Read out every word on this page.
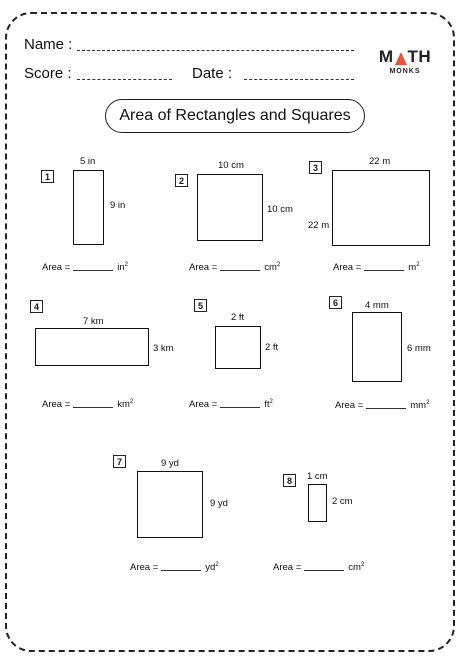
Name :
Score :	Date :
M TH
MONKS
Area of Rectangles and Squares
1
5 in
9 in
Area =	$in^2$
2
10 cm
10 cm
Area =	$cm^2$
3
22 m
22 m
Area =	$m^2$
4
7 km
3 km
Area =	$km^2$
5
2 ft
2 ft
Area =	$ft^2$
6	4 mm
6 mm
Area =	$mm^2$
7	9 yd
9 yd
Area =	$yd^2$
8	1 cm
2 cm
Area =	$cm^2$
